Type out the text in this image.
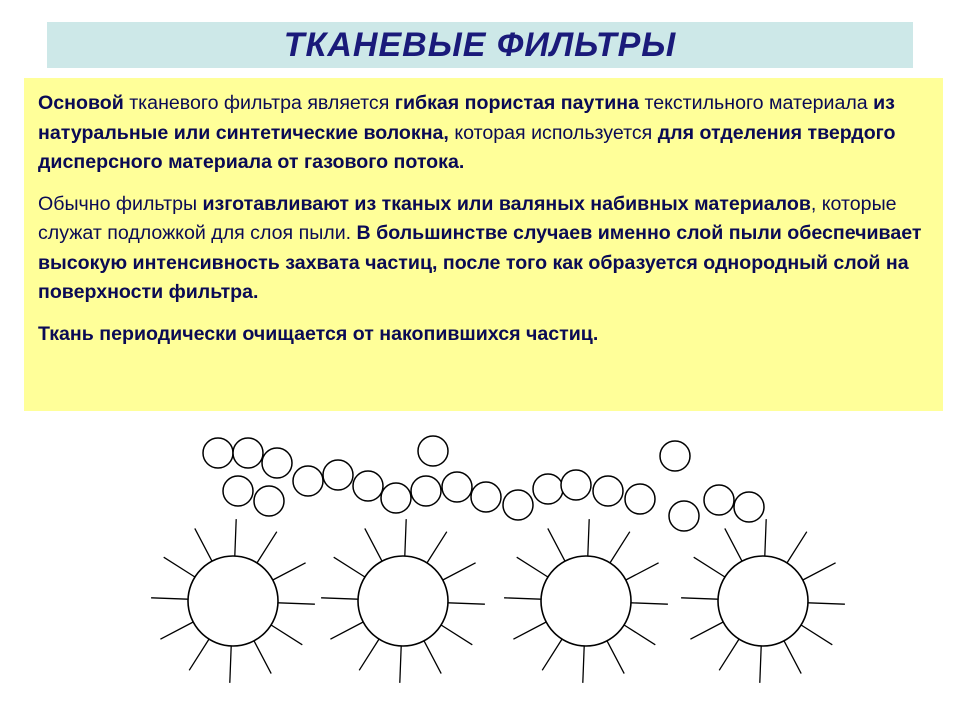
ТКАНЕВЫЕ ФИЛЬТРЫ

Основой тканевого фильтра является гибкая пористая паутина текстильного материала из натуральные или синтетические волокна, которая используется для отделения твердого дисперсного материала от газового потока.

Обычно фильтры изготавливают из тканых или валяных набивных материалов, которые служат подложкой для слоя пыли. В большинстве случаев именно слой пыли обеспечивает высокую интенсивность захвата частиц, после того как образуется однородный слой на поверхности фильтра.

Ткань периодически очищается от накопившихся частиц.
